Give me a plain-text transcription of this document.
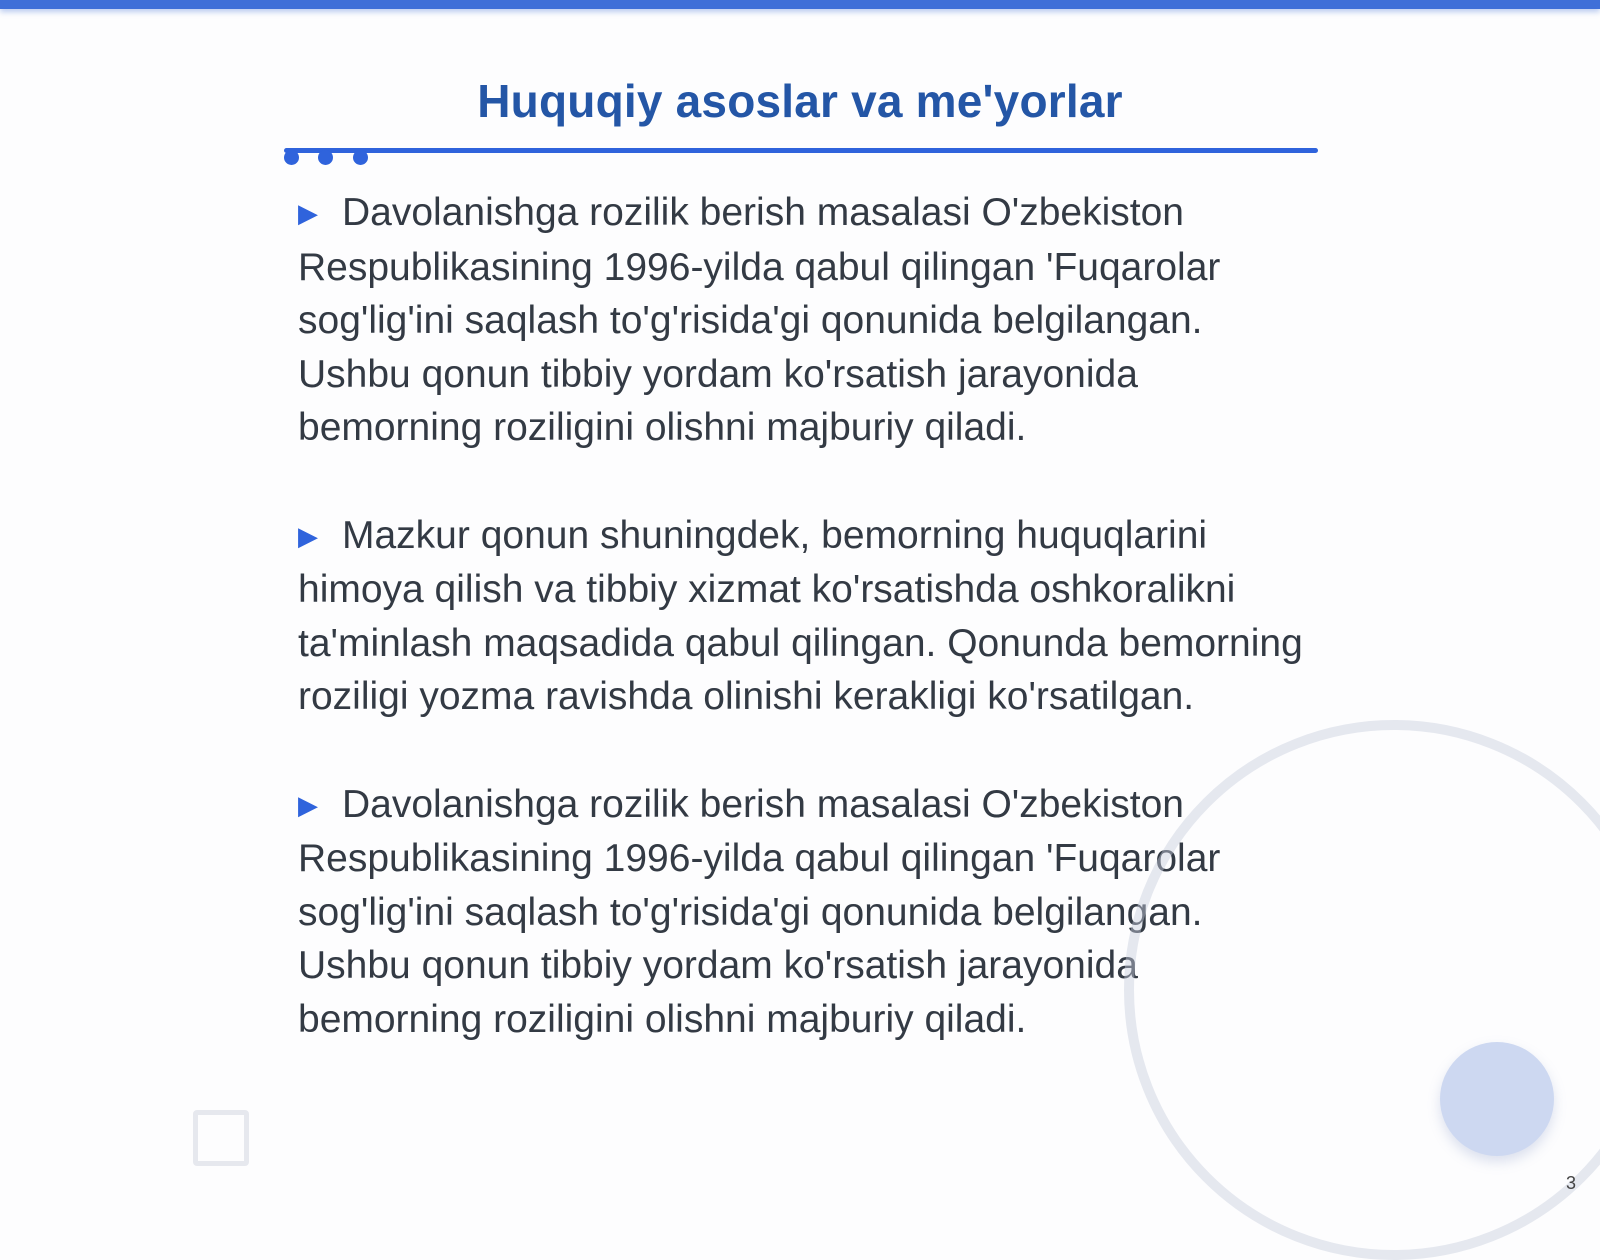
Huquqiy asoslar va me'yorlar

▶ Davolanishga rozilik berish masalasi O'zbekiston Respublikasining 1996-yilda qabul qilingan 'Fuqarolar sog'lig'ini saqlash to'g'risida'gi qonunida belgilangan. Ushbu qonun tibbiy yordam ko'rsatish jarayonida bemorning roziligini olishni majburiy qiladi.

▶ Mazkur qonun shuningdek, bemorning huquqlarini himoya qilish va tibbiy xizmat ko'rsatishda oshkoralikni ta'minlash maqsadida qabul qilingan. Qonunda bemorning roziligi yozma ravishda olinishi kerakligi ko'rsatilgan.

▶ Davolanishga rozilik berish masalasi O'zbekiston Respublikasining 1996-yilda qabul qilingan 'Fuqarolar sog'lig'ini saqlash to'g'risida'gi qonunida belgilangan. Ushbu qonun tibbiy yordam ko'rsatish jarayonida bemorning roziligini olishni majburiy qiladi.

3
